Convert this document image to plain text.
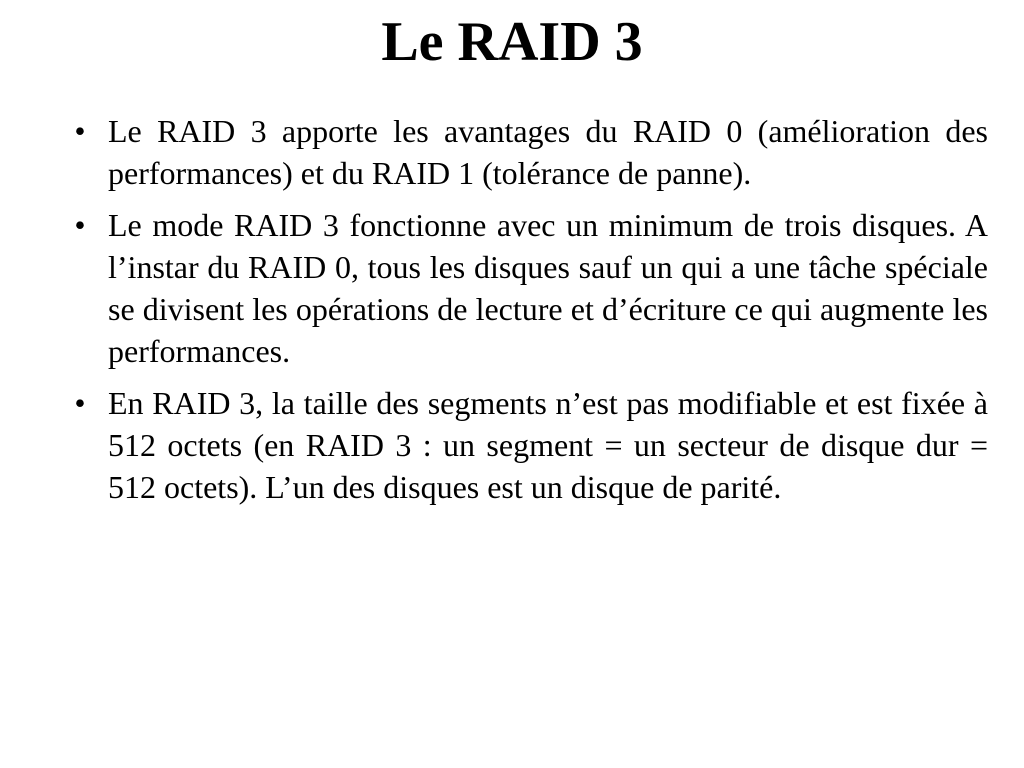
Le RAID 3
• Le RAID 3 apporte les avantages du RAID 0 (amélioration des performances) et du RAID 1 (tolérance de panne).
• Le mode RAID 3 fonctionne avec un minimum de trois disques. A l’instar du RAID 0, tous les disques sauf un qui a une tâche spéciale se divisent les opérations de lecture et d’écriture ce qui augmente les performances.
• En RAID 3, la taille des segments n’est pas modifiable et est fixée à 512 octets (en RAID 3 : un segment = un secteur de disque dur = 512 octets). L’un des disques est un disque de parité.
